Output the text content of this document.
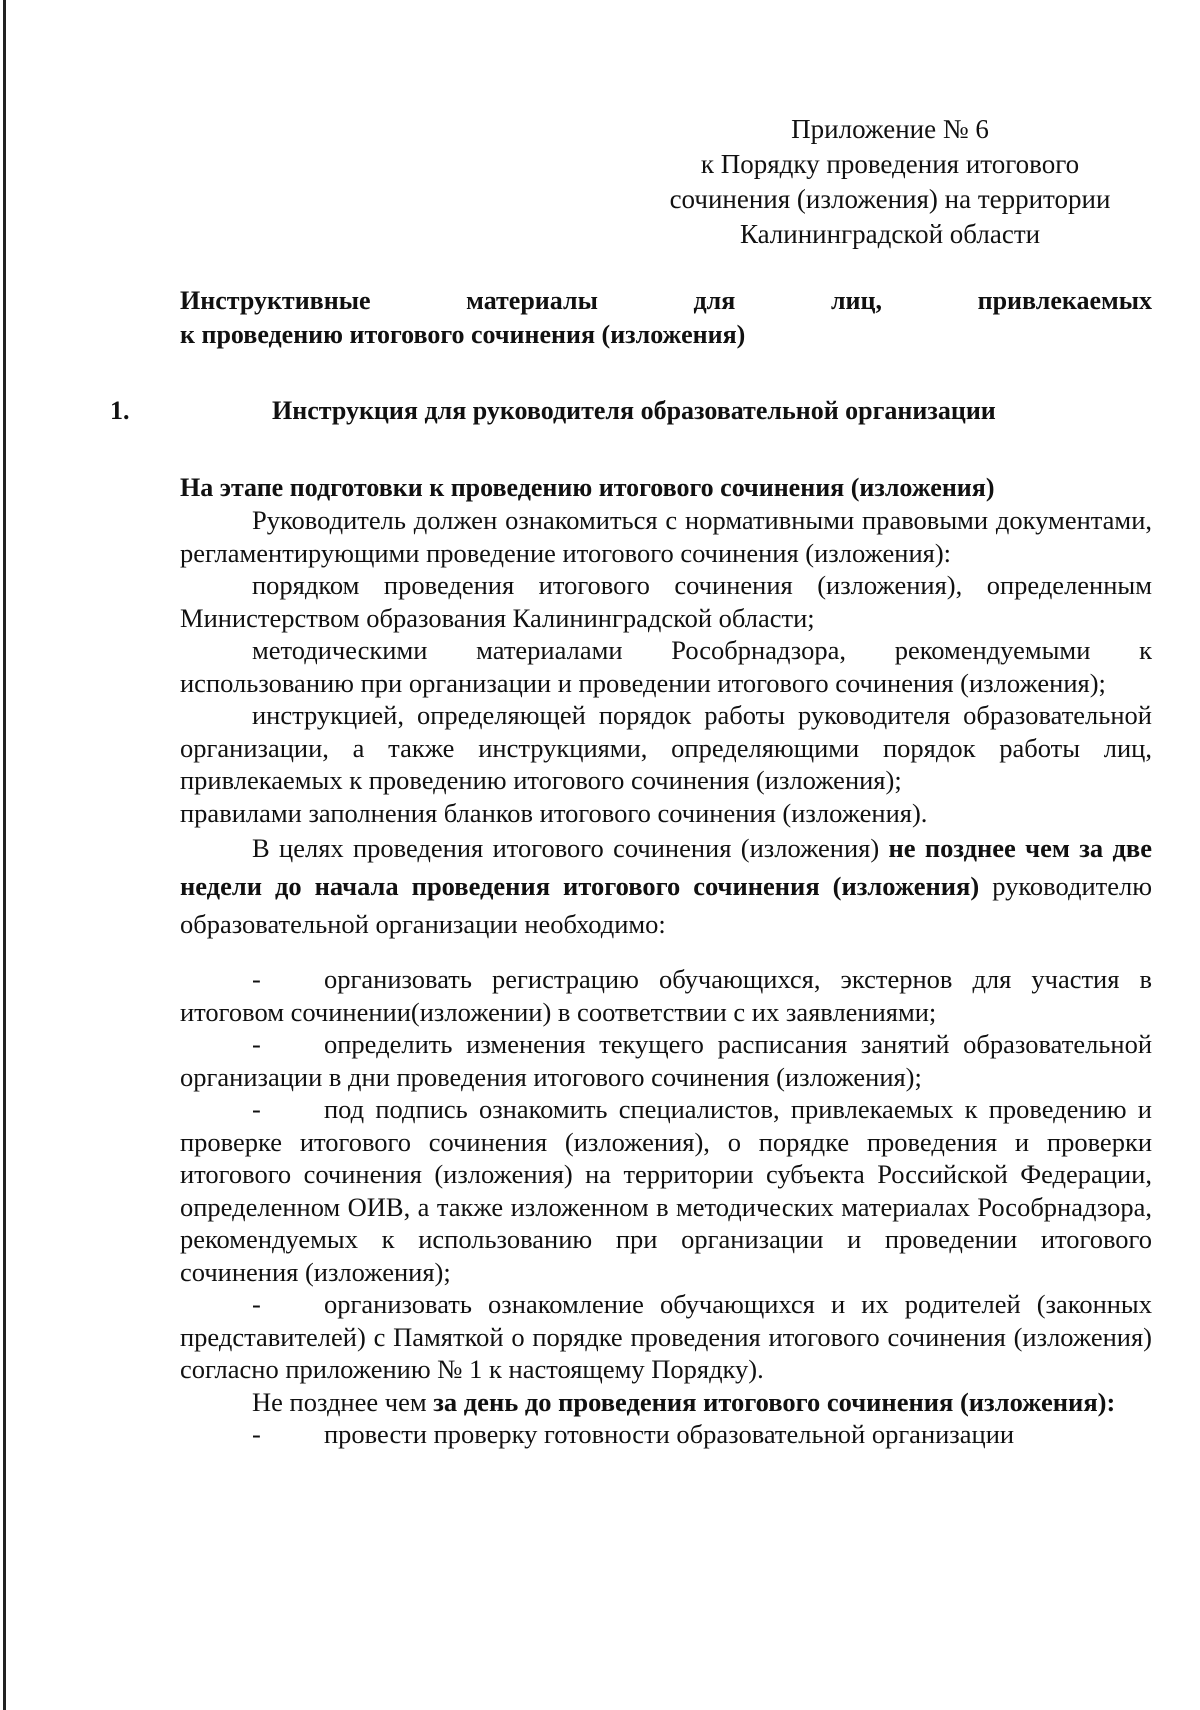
Приложение № 6
к Порядку проведения итогового
сочинения (изложения) на территории
Калининградской области
Инструктивные материалы для лиц, привлекаемых
к проведению итогового сочинения (изложения)
1.	Инструкция для руководителя образовательной организации
На этапе подготовки к проведению итогового сочинения (изложения)

Руководитель должен ознакомиться с нормативными правовыми документами, регламентирующими проведение итогового сочинения (изложения):

порядком проведения итогового сочинения (изложения), определенным Министерством образования Калининградской области;

методическими материалами Рособрнадзора, рекомендуемыми к использованию при организации и проведении итогового сочинения (изложения);

инструкцией, определяющей порядок работы руководителя образовательной организации, а также инструкциями, определяющими порядок работы лиц, привлекаемых к проведению итогового сочинения (изложения);

правилами заполнения бланков итогового сочинения (изложения).

В целях проведения итогового сочинения (изложения) не позднее чем за две недели до начала проведения итогового сочинения (изложения) руководителю образовательной организации необходимо:

- организовать регистрацию обучающихся, экстернов для участия в итоговом сочинении(изложении) в соответствии с их заявлениями;

- определить изменения текущего расписания занятий образовательной организации в дни проведения итогового сочинения (изложения);

- под подпись ознакомить специалистов, привлекаемых к проведению и проверке итогового сочинения (изложения), о порядке проведения и проверки итогового сочинения (изложения) на территории субъекта Российской Федерации, определенном ОИВ, а также изложенном в методических материалах Рособрнадзора, рекомендуемых к использованию при организации и проведении итогового сочинения (изложения);

- организовать ознакомление обучающихся и их родителей (законных представителей) с Памяткой о порядке проведения итогового сочинения (изложения) согласно приложению № 1 к настоящему Порядку).

Не позднее чем за день до проведения итогового сочинения (изложения):

- провести проверку готовности образовательной организации
